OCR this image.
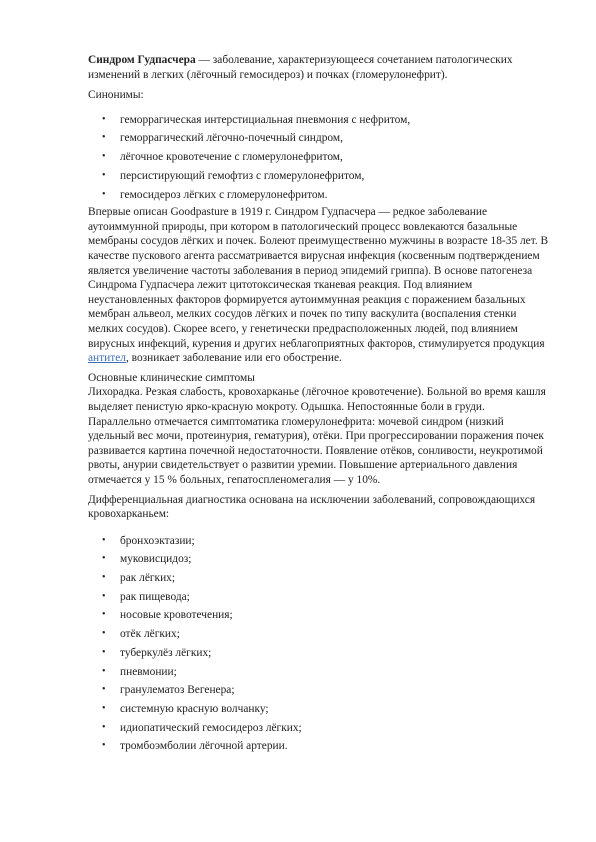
Синдром Гудпасчера — заболевание, характеризующееся сочетанием патологических изменений в легких (лёгочный гемосидероз) и почках (гломерулонефрит).

Синонимы:

• геморрагическая интерстициальная пневмония с нефритом,
• геморрагический лёгочно-почечный синдром,
• лёгочное кровотечение с гломерулонефритом,
• персистирующий гемофтиз с гломерулонефритом,
• гемосидероз лёгких с гломерулонефритом.

Впервые описан Goodpasture в 1919 г. Синдром Гудпасчера — редкое заболевание аутоиммунной природы, при котором в патологический процесс вовлекаются базальные мембраны сосудов лёгких и почек. Болеют преимущественно мужчины в возрасте 18-35 лет. В качестве пускового агента рассматривается вирусная инфекция (косвенным подтверждением является увеличение частоты заболевания в период эпидемий гриппа). В основе патогенеза Синдрома Гудпасчера лежит цитотоксическая тканевая реакция. Под влиянием неустановленных факторов формируется аутоиммунная реакция с поражением базальных мембран альвеол, мелких сосудов лёгких и почек по типу васкулита (воспаления стенки мелких сосудов). Скорее всего, у генетически предрасположенных людей, под влиянием вирусных инфекций, курения и других неблагоприятных факторов, стимулируется продукция антител, возникает заболевание или его обострение.

Основные клинические симптомы

Лихорадка. Резкая слабость, кровохарканье (лёгочное кровотечение). Больной во время кашля выделяет пенистую ярко-красную мокроту. Одышка. Непостоянные боли в груди. Параллельно отмечается симптоматика гломерулонефрита: мочевой синдром (низкий удельный вес мочи, протеинурия, гематурия), отёки. При прогрессировании поражения почек развивается картина почечной недостаточности. Появление отёков, сонливости, неукротимой рвоты, анурии свидетельствует о развитии уремии. Повышение артериального давления отмечается у 15 % больных, гепатоспленомегалия — у 10%.

Дифференциальная диагностика основана на исключении заболеваний, сопровождающихся кровохарканьем:

• бронхоэктазии;
• муковисцидоз;
• рак лёгких;
• рак пищевода;
• носовые кровотечения;
• отёк лёгких;
• туберкулёз лёгких;
• пневмонии;
• гранулематоз Вегенера;
• системную красную волчанку;
• идиопатический гемосидероз лёгких;
• тромбоэмболии лёгочной артерии.
